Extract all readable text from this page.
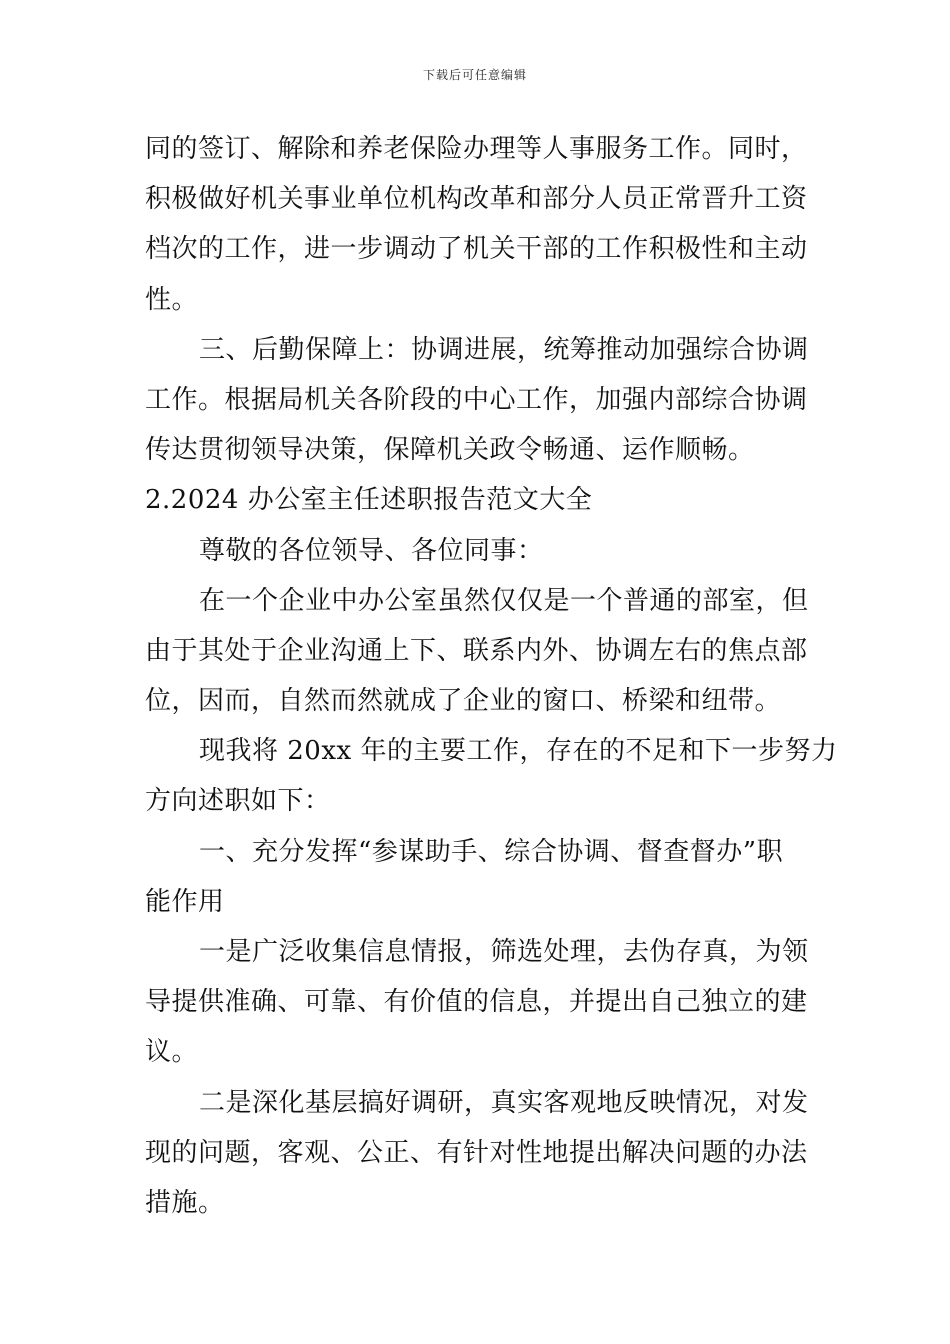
下载后可任意编辑
同的签订、解除和养老保险办理等人事服务工作。同时，
积极做好机关事业单位机构改革和部分人员正常晋升工资
档次的工作，进一步调动了机关干部的工作积极性和主动
性。
三、后勤保障上：协调进展，统筹推动加强综合协调
工作。根据局机关各阶段的中心工作，加强内部综合协调
传达贯彻领导决策，保障机关政令畅通、运作顺畅。
2.2024 办公室主任述职报告范文大全
尊敬的各位领导、各位同事：
在一个企业中办公室虽然仅仅是一个普通的部室，但
由于其处于企业沟通上下、联系内外、协调左右的焦点部
位，因而，自然而然就成了企业的窗口、桥梁和纽带。
现我将 20xx 年的主要工作，存在的不足和下一步努力
方向述职如下：
一、充分发挥“参谋助手、综合协调、督查督办”职
能作用
一是广泛收集信息情报，筛选处理，去伪存真，为领
导提供准确、可靠、有价值的信息，并提出自己独立的建
议。
二是深化基层搞好调研，真实客观地反映情况，对发
现的问题，客观、公正、有针对性地提出解决问题的办法
措施。
